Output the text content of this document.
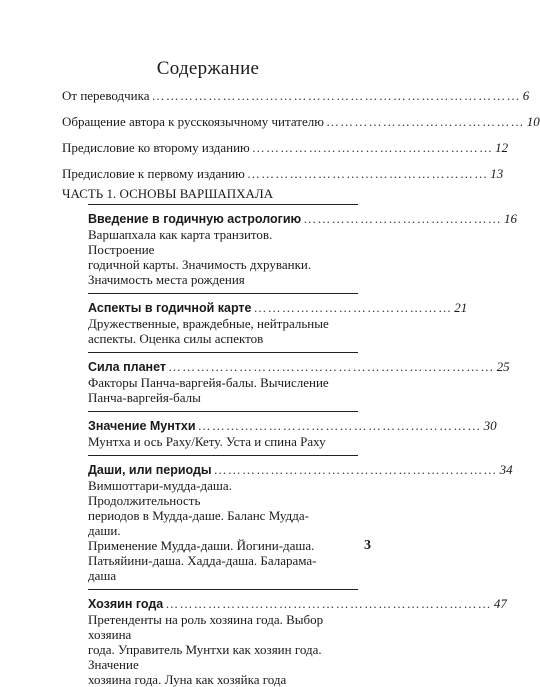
Содержание
От переводчика …………………………………………………………………… 6
Обращение автора к русскоязычному читателю …………………………………… 10
Предисловие ко второму изданию …………………………………………… 12
Предисловие к первому изданию …………………………………………… 13
ЧАСТЬ 1. ОСНОВЫ ВАРШАПХАЛА
Введение в годичную астрологию …………………………………… 16
Варшапхала как карта транзитов. Построение
годичной карты. Значимость дхруванки.
Значимость места рождения
Аспекты в годичной карте …………………………………… 21
Дружественные, враждебные, нейтральные
аспекты. Оценка силы аспектов
Сила планет …………………………………………………………… 25
Факторы Панча-варгейя-балы. Вычисление
Панча-варгейя-балы
Значение Мунтхи …………………………………………………… 30
Мунтха и ось Раху/Кету. Уста и спина Раху
Даши, или периоды …………………………………………………… 34
Вимшоттари-мудда-даша. Продолжительность
периодов в Мудда-даше. Баланс Мудда-даши.
Применение Мудда-даши. Йогини-даша.
Патьяйини-даша. Хадда-даша. Баларама-даша
Хозяин года …………………………………………………………… 47
Претенденты на роль хозяина года. Выбор хозяина
года. Управитель Мунтхи как хозяин года. Значение
хозяина года. Луна как хозяйка года
3
